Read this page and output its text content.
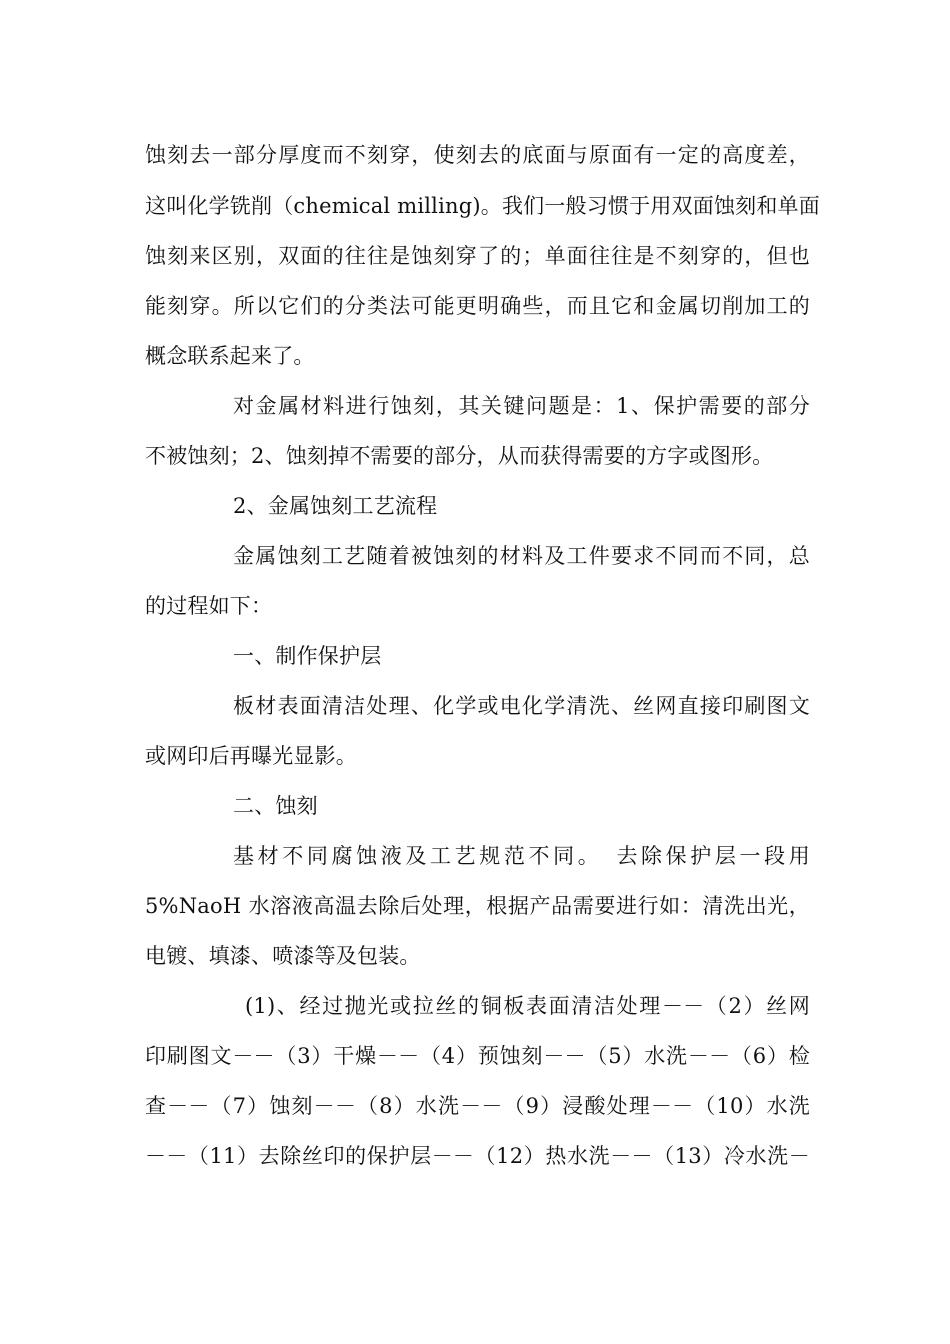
蚀刻去一部分厚度而不刻穿，使刻去的底面与原面有一定的高度差，
这叫化学铣削（chemical milling)。我们一般习惯于用双面蚀刻和单面
蚀刻来区别，双面的往往是蚀刻穿了的；单面往往是不刻穿的，但也
能刻穿。所以它们的分类法可能更明确些，而且它和金属切削加工的
概念联系起来了。
对金属材料进行蚀刻，其关键问题是：1、保护需要的部分
不被蚀刻；2、蚀刻掉不需要的部分，从而获得需要的方字或图形。
2、金属蚀刻工艺流程
金属蚀刻工艺随着被蚀刻的材料及工件要求不同而不同，总
的过程如下：
一、制作保护层
板材表面清洁处理、化学或电化学清洗、丝网直接印刷图文
或网印后再曝光显影。
二、蚀刻
基材不同腐蚀液及工艺规范不同。　去除保护层一段用
5%NaoH 水溶液高温去除后处理，根据产品需要进行如：清洗出光，
电镀、填漆、喷漆等及包装。
(1)、经过抛光或拉丝的铜板表面清洁处理－－（2）丝网
印刷图文－－（3）干燥－－（4）预蚀刻－－（5）水洗－－（6）检
查－－（7）蚀刻－－（8）水洗－－（9）浸酸处理－－（10）水洗
－－（11）去除丝印的保护层－－（12）热水洗－－（13）冷水洗－
